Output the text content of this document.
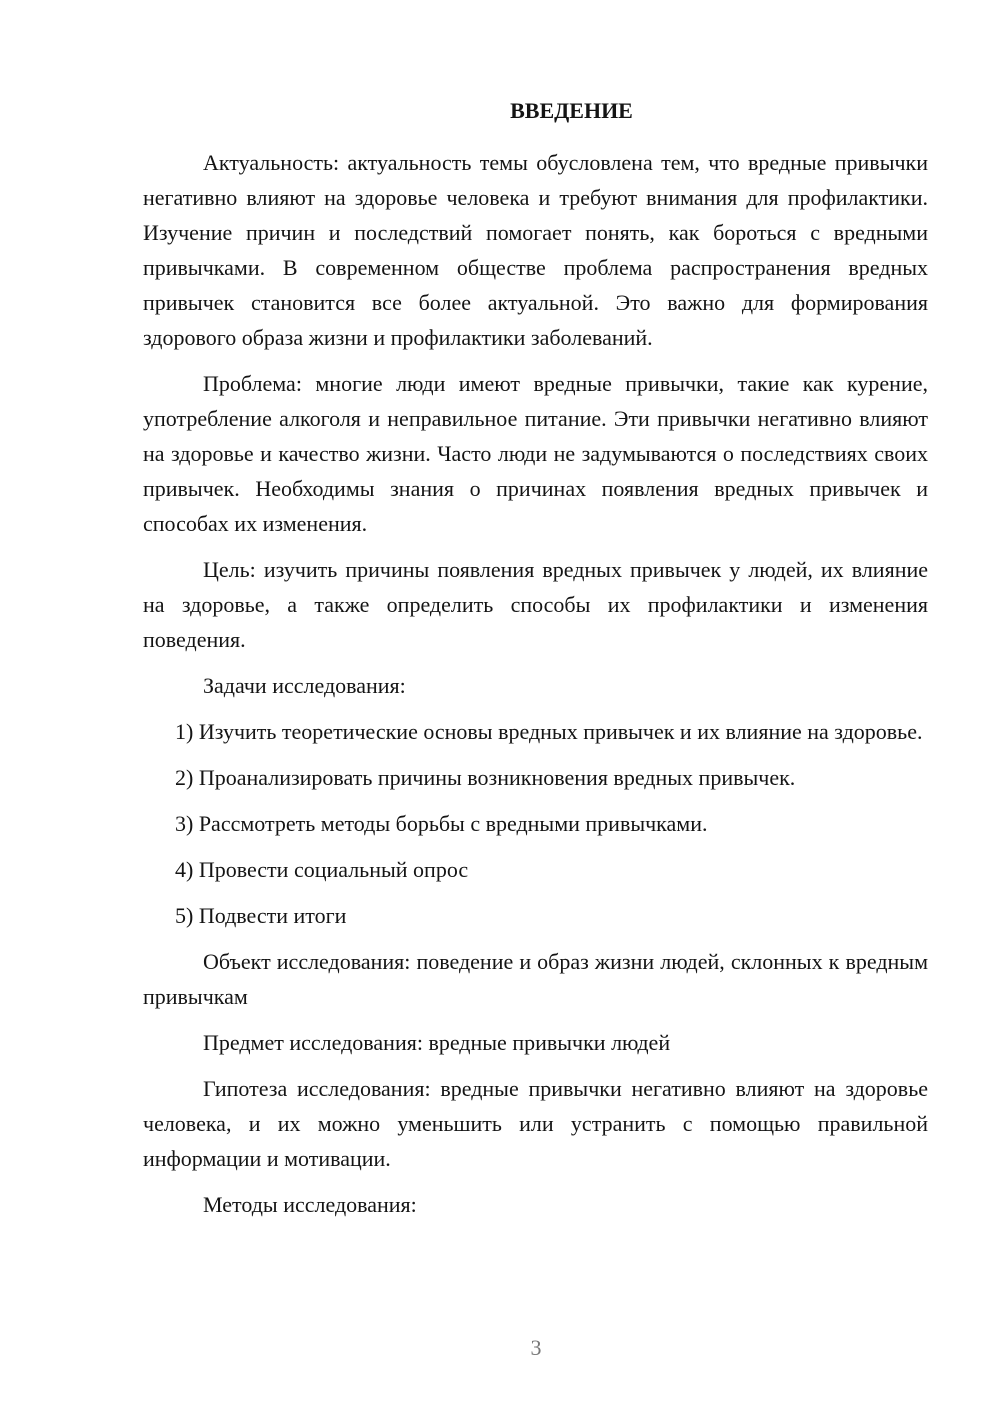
ВВЕДЕНИЕ

Актуальность: актуальность темы обусловлена тем, что вредные привычки негативно влияют на здоровье человека и требуют внимания для профилактики. Изучение причин и последствий помогает понять, как бороться с вредными привычками. В современном обществе проблема распространения вредных привычек становится все более актуальной. Это важно для формирования здорового образа жизни и профилактики заболеваний.

Проблема: многие люди имеют вредные привычки, такие как курение, употребление алкоголя и неправильное питание. Эти привычки негативно влияют на здоровье и качество жизни. Часто люди не задумываются о последствиях своих привычек. Необходимы знания о причинах появления вредных привычек и способах их изменения.

Цель: изучить причины появления вредных привычек у людей, их влияние на здоровье, а также определить способы их профилактики и изменения поведения.

Задачи исследования:

1) Изучить теоретические основы вредных привычек и их влияние на здоровье.

2) Проанализировать причины возникновения вредных привычек.

3) Рассмотреть методы борьбы с вредными привычками.

4) Провести социальный опрос

5) Подвести итоги

Объект исследования: поведение и образ жизни людей, склонных к вредным привычкам

Предмет исследования: вредные привычки людей

Гипотеза исследования: вредные привычки негативно влияют на здоровье человека, и их можно уменьшить или устранить с помощью правильной информации и мотивации.

Методы исследования:

3
